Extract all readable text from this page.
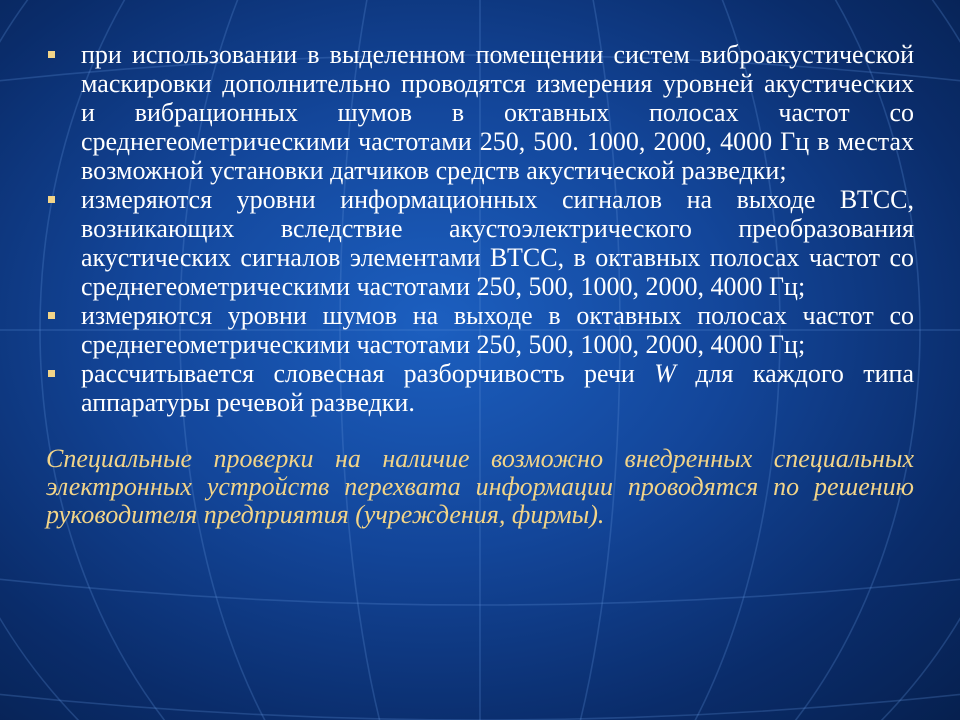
при использовании в выделенном помещении систем виброакустической маскировки дополнительно проводятся измерения уровней акустических и вибрационных шумов в октавных полосах частот со среднегеометрическими частотами 250, 500. 1000, 2000, 4000 Гц в местах возможной установки датчиков средств акустической разведки;
измеряются уровни информационных сигналов на выходе ВТСС, возникающих вследствие акустоэлектрического преобразования акустических сигналов элементами ВТСС, в октавных полосах частот со среднегеометрическими частотами 250, 500, 1000, 2000, 4000 Гц;
измеряются уровни шумов на выходе в октавных полосах частот со среднегеометрическими частотами 250, 500, 1000, 2000, 4000 Гц;
рассчитывается словесная разборчивость речи W для каждого типа аппаратуры речевой разведки.

Специальные проверки на наличие возможно внедренных специальных электронных устройств перехвата информации проводятся по решению руководителя предприятия (учреждения, фирмы).
